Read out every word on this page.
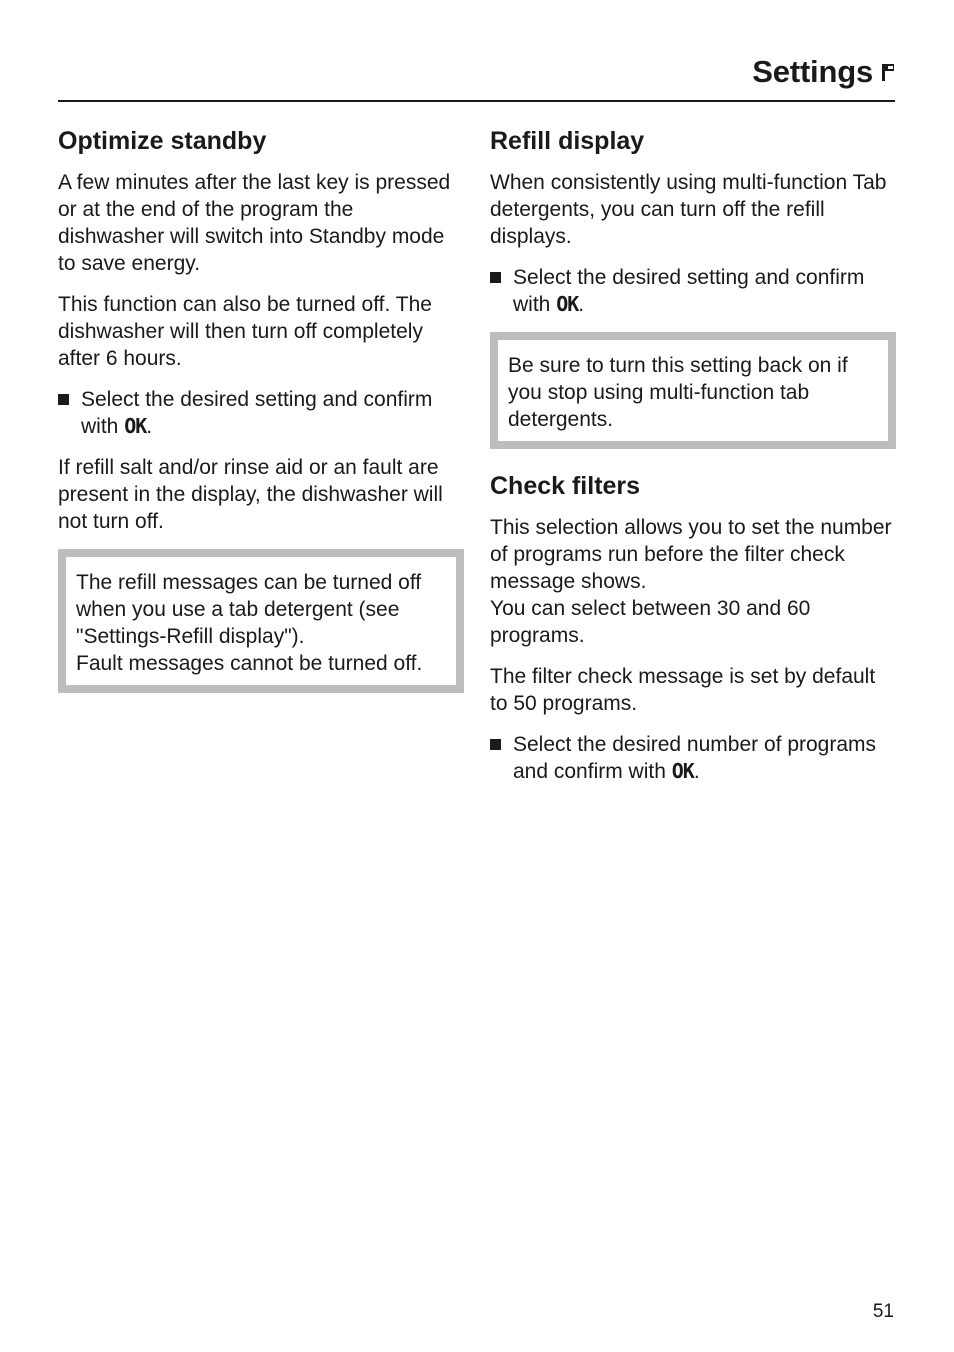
Settings
Optimize standby

A few minutes after the last key is pressed or at the end of the program the dishwasher will switch into Standby mode to save energy.

This function can also be turned off. The dishwasher will then turn off completely after 6 hours.

Select the desired setting and confirm with OK.

If refill salt and/or rinse aid or an fault are present in the display, the dishwasher will not turn off.

The refill messages can be turned off when you use a tab detergent (see "Settings-Refill display").

Fault messages cannot be turned off.

Refill display

When consistently using multi-function Tab detergents, you can turn off the refill displays.

Select the desired setting and confirm with OK.

Be sure to turn this setting back on if you stop using multi-function tab detergents.

Check filters

This selection allows you to set the number of programs run before the filter check message shows.

You can select between 30 and 60 programs.

The filter check message is set by default to 50 programs.

Select the desired number of programs and confirm with OK.
51
